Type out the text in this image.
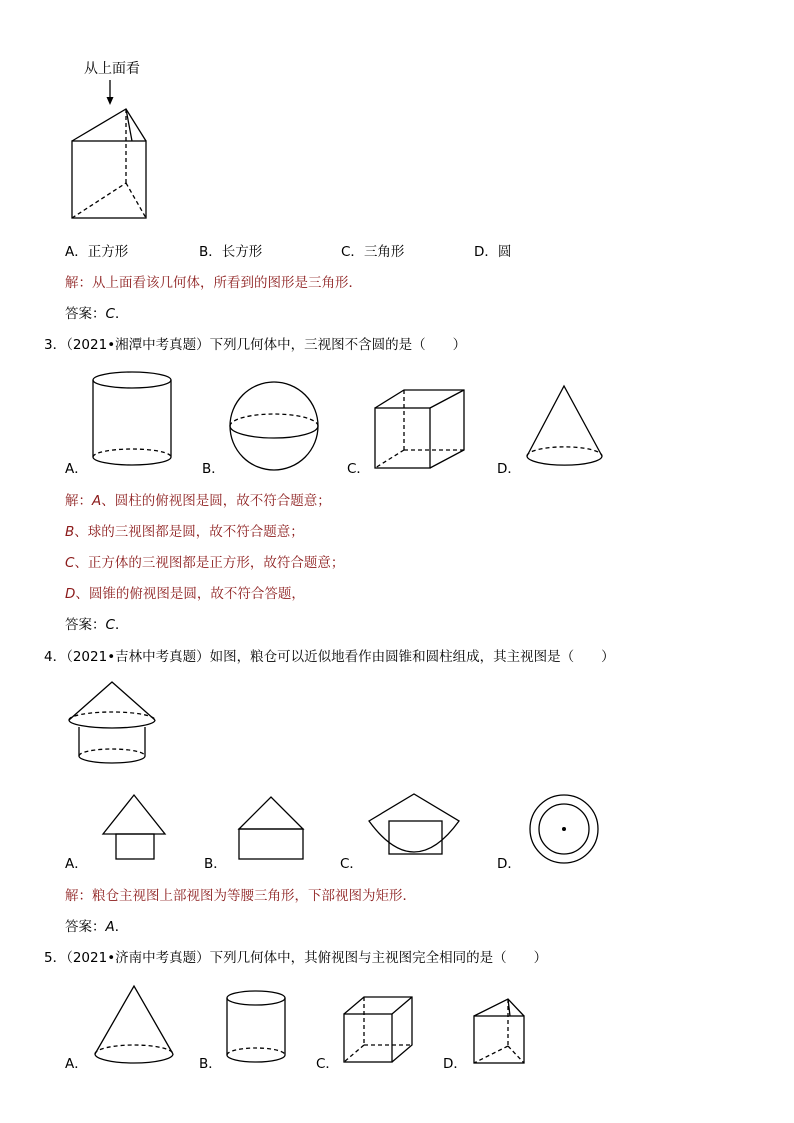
从上面看
A．正方形	B．长方形	C．三角形	D．圆
解：从上面看该几何体，所看到的图形是三角形．
答案：C．
3．（2021•湘潭中考真题）下列几何体中，三视图不含圆的是（　　）
A．	B．	C．	D．
解：A、圆柱的俯视图是圆，故不符合题意；
B、球的三视图都是圆，故不符合题意；
C、正方体的三视图都是正方形，故符合题意；
D、圆锥的俯视图是圆，故不符合答题，
答案：C．
4．（2021•吉林中考真题）如图，粮仓可以近似地看作由圆锥和圆柱组成，其主视图是（　　）
A．	B．	C．	D．
解：粮仓主视图上部视图为等腰三角形，下部视图为矩形．
答案：A．
5．（2021•济南中考真题）下列几何体中，其俯视图与主视图完全相同的是（　　）
A．	B．	C．	D．
